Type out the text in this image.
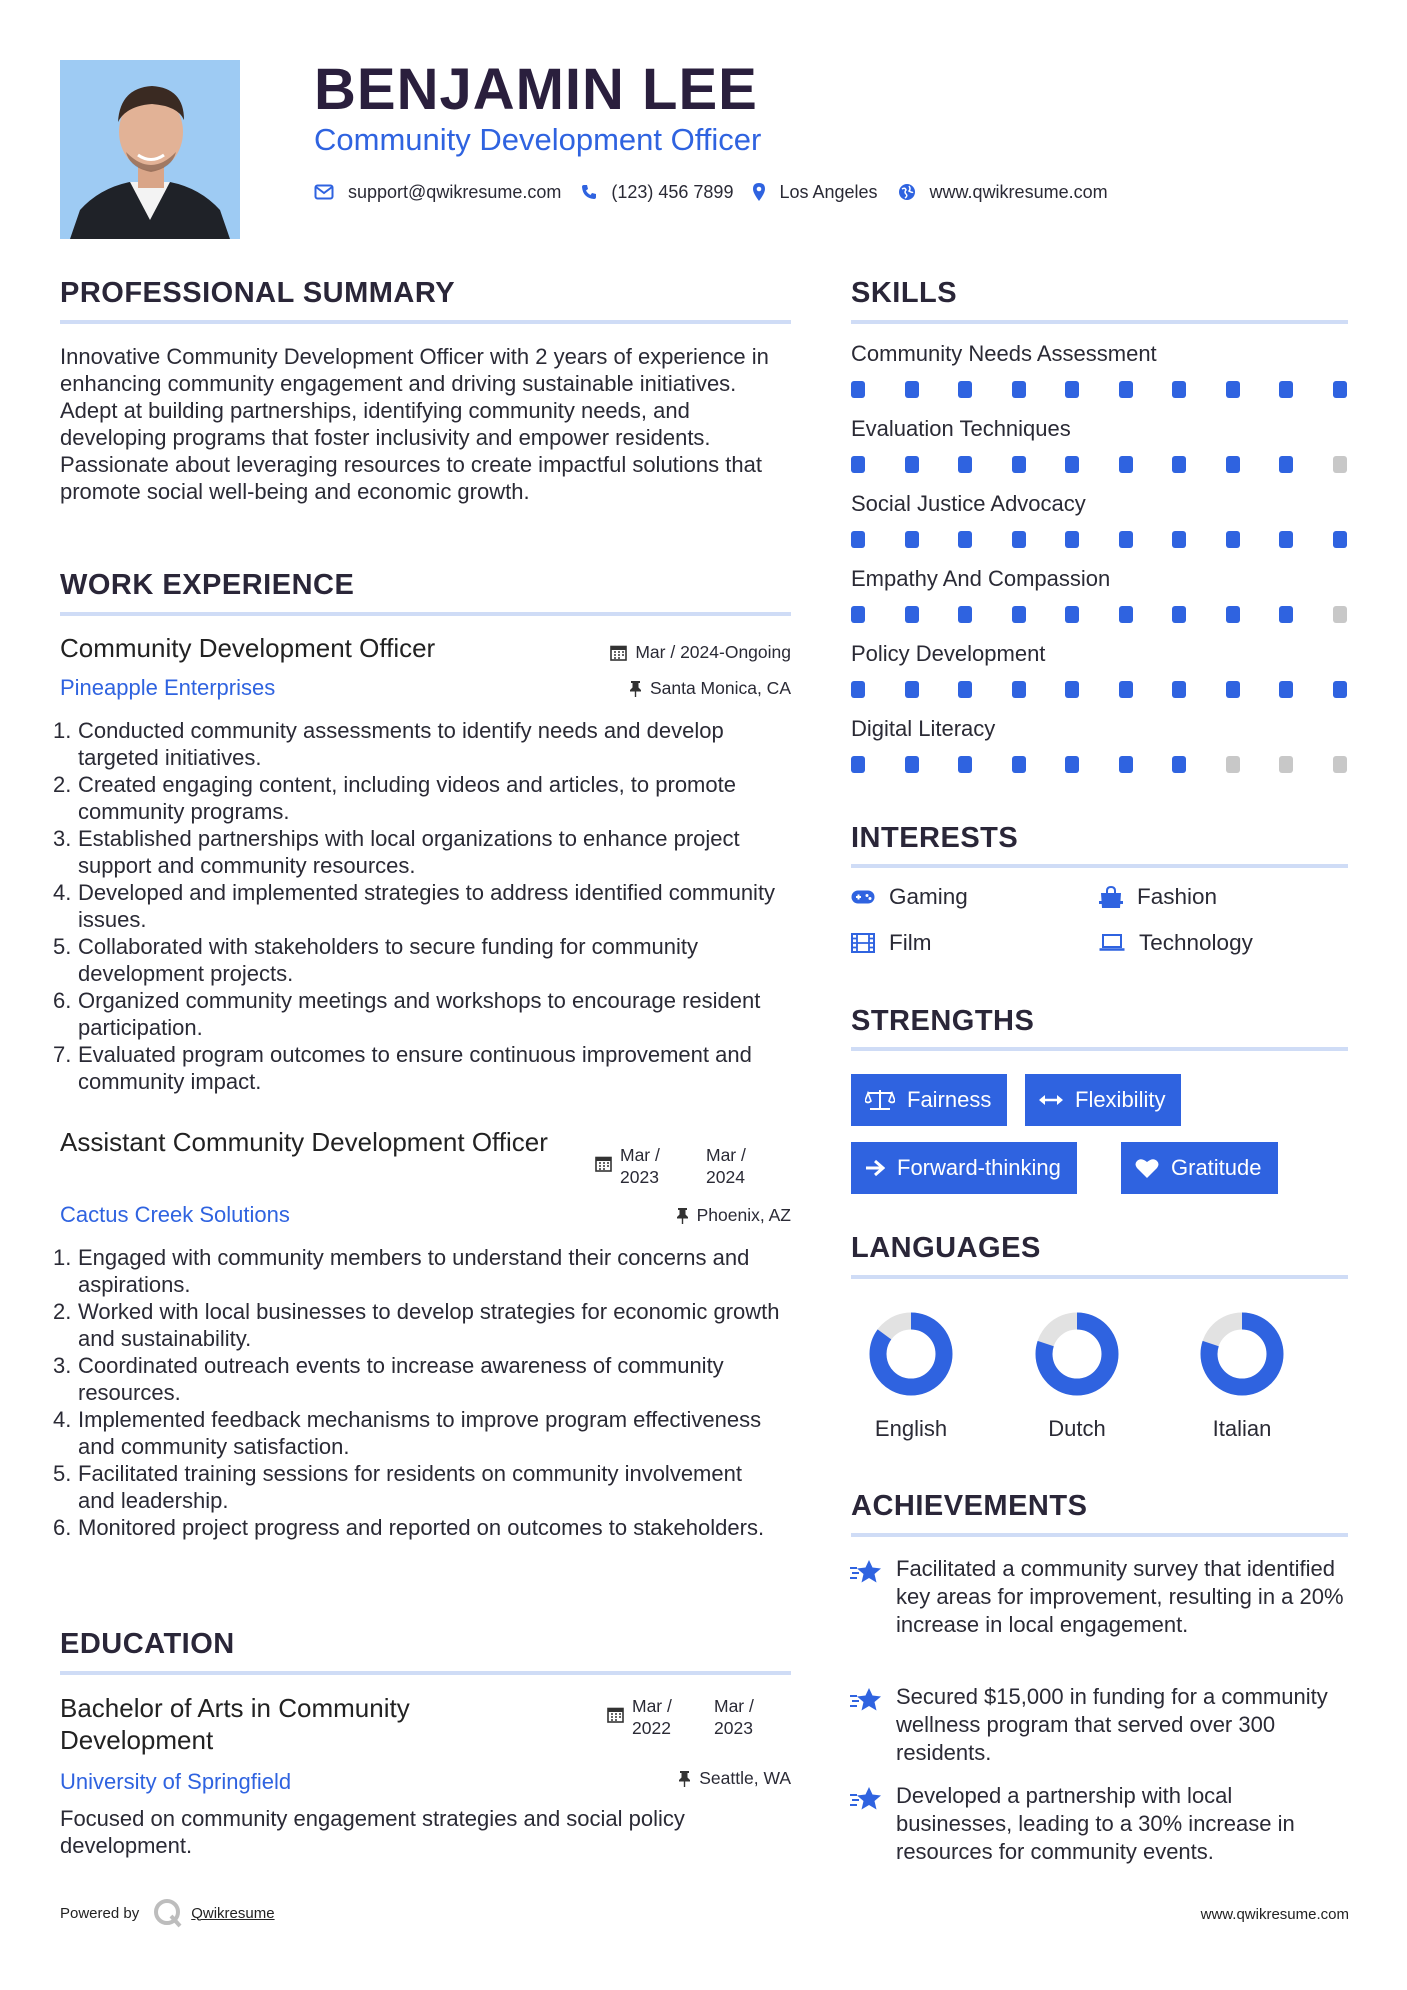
BENJAMIN LEE
Community Development Officer
support@qwikresume.com	(123) 456 7899	Los Angeles	www.qwikresume.com
PROFESSIONAL SUMMARY
Innovative Community Development Officer with 2 years of experience in enhancing community engagement and driving sustainable initiatives. Adept at building partnerships, identifying community needs, and developing programs that foster inclusivity and empower residents. Passionate about leveraging resources to create impactful solutions that promote social well-being and economic growth.
WORK EXPERIENCE
Community Development Officer	Mar / 2024-Ongoing
Pineapple Enterprises	Santa Monica, CA
1. Conducted community assessments to identify needs and develop targeted initiatives.
2. Created engaging content, including videos and articles, to promote community programs.
3. Established partnerships with local organizations to enhance project support and community resources.
4. Developed and implemented strategies to address identified community issues.
5. Collaborated with stakeholders to secure funding for community development projects.
6. Organized community meetings and workshops to encourage resident participation.
7. Evaluated program outcomes to ensure continuous improvement and community impact.
Assistant Community Development Officer	Mar / 2023
Mar / 2024
Cactus Creek Solutions	Phoenix, AZ
1. Engaged with community members to understand their concerns and aspirations.
2. Worked with local businesses to develop strategies for economic growth and sustainability.
3. Coordinated outreach events to increase awareness of community resources.
4. Implemented feedback mechanisms to improve program effectiveness and community satisfaction.
5. Facilitated training sessions for residents on community involvement and leadership.
6. Monitored project progress and reported on outcomes to stakeholders.
EDUCATION
Bachelor of Arts in Community Development
Mar / 2022
Mar / 2023
University of Springfield	Seattle, WA
Focused on community engagement strategies and social policy development.
SKILLS
Community Needs Assessment
Evaluation Techniques
Social Justice Advocacy
Empathy And Compassion
Policy Development
Digital Literacy
INTERESTS
Gaming	Fashion
Film	Technology
STRENGTHS
Fairness	Flexibility
Forward-thinking	Gratitude
LANGUAGES
English	Dutch	Italian
ACHIEVEMENTS
Facilitated a community survey that identified key areas for improvement, resulting in a 20% increase in local engagement.
Secured $15,000 in funding for a community wellness program that served over 300 residents.
Developed a partnership with local businesses, leading to a 30% increase in resources for community events.
Powered by	Qwikresume	www.qwikresume.com
